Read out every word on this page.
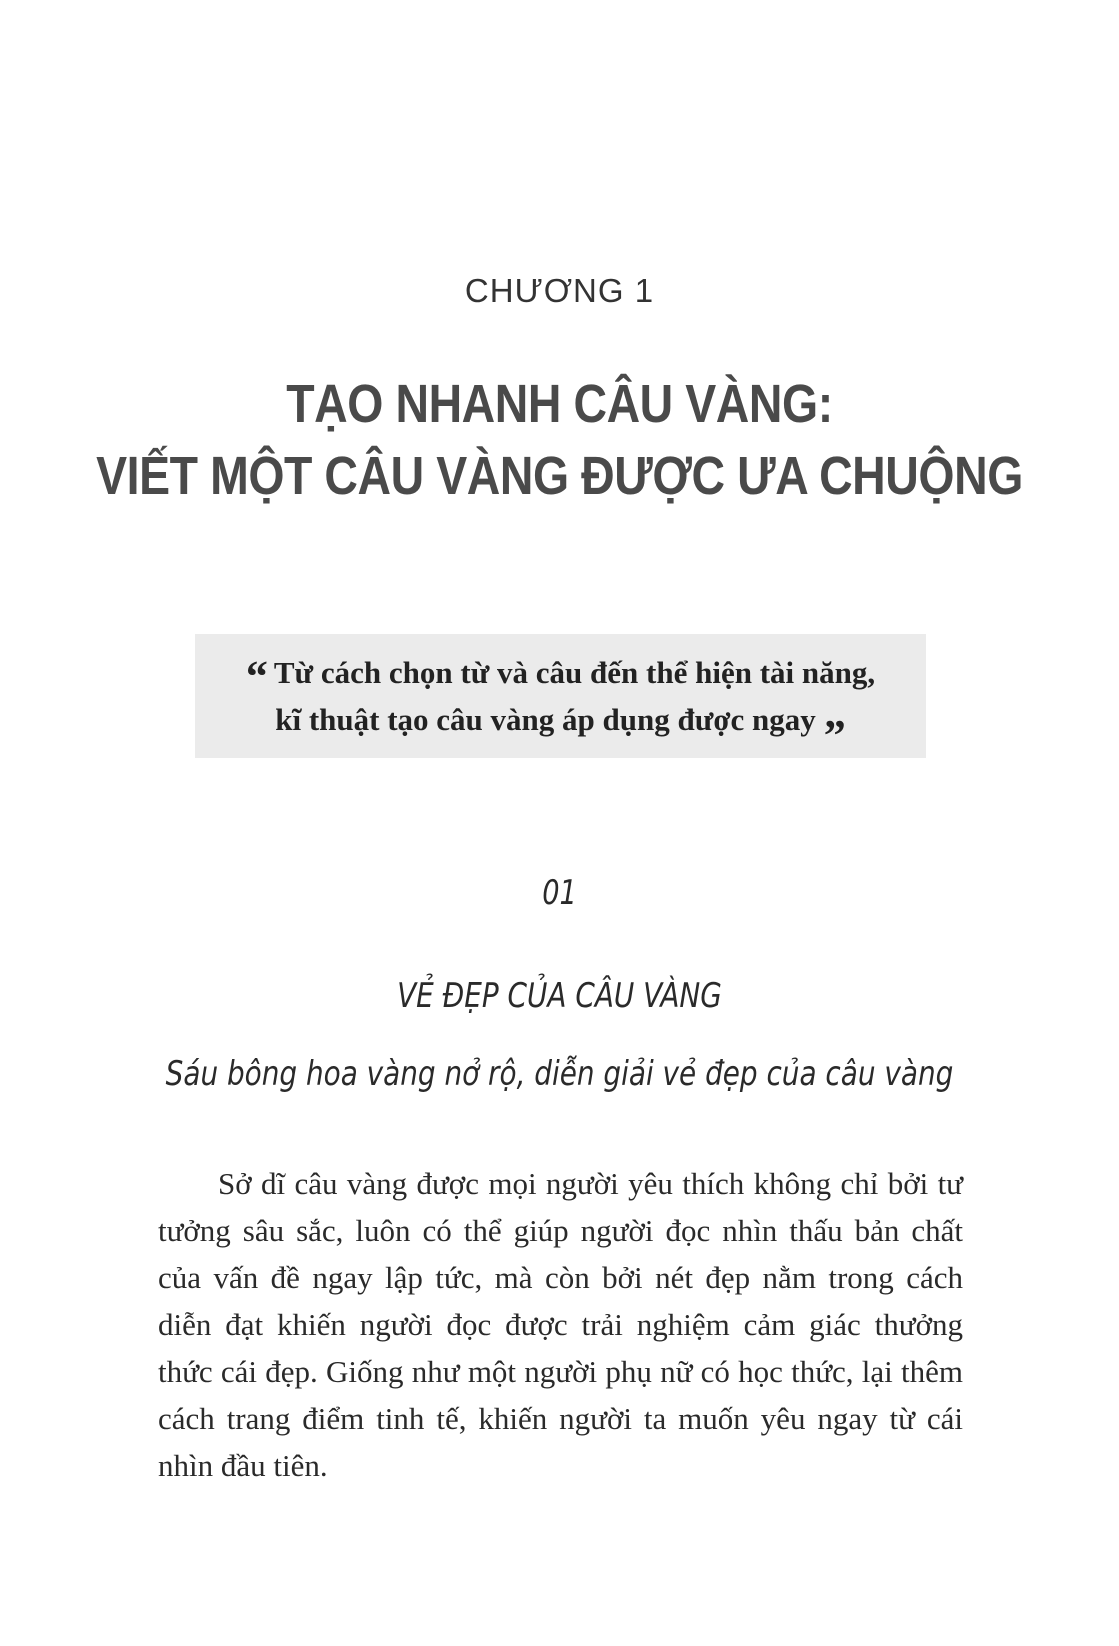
CHƯƠNG 1
TẠO NHANH CÂU VÀNG:
VIẾT MỘT CÂU VÀNG ĐƯỢC ƯA CHUỘNG
“ Từ cách chọn từ và câu đến thể hiện tài năng,
kĩ thuật tạo câu vàng áp dụng được ngay ”
01
VẺ ĐẸP CỦA CÂU VÀNG
Sáu bông hoa vàng nở rộ, diễn giải vẻ đẹp của câu vàng

Sở dĩ câu vàng được mọi người yêu thích không chỉ bởi tư tưởng sâu sắc, luôn có thể giúp người đọc nhìn thấu bản chất của vấn đề ngay lập tức, mà còn bởi nét đẹp nằm trong cách diễn đạt khiến người đọc được trải nghiệm cảm giác thưởng thức cái đẹp. Giống như một người phụ nữ có học thức, lại thêm cách trang điểm tinh tế, khiến người ta muốn yêu ngay từ cái nhìn đầu tiên.
